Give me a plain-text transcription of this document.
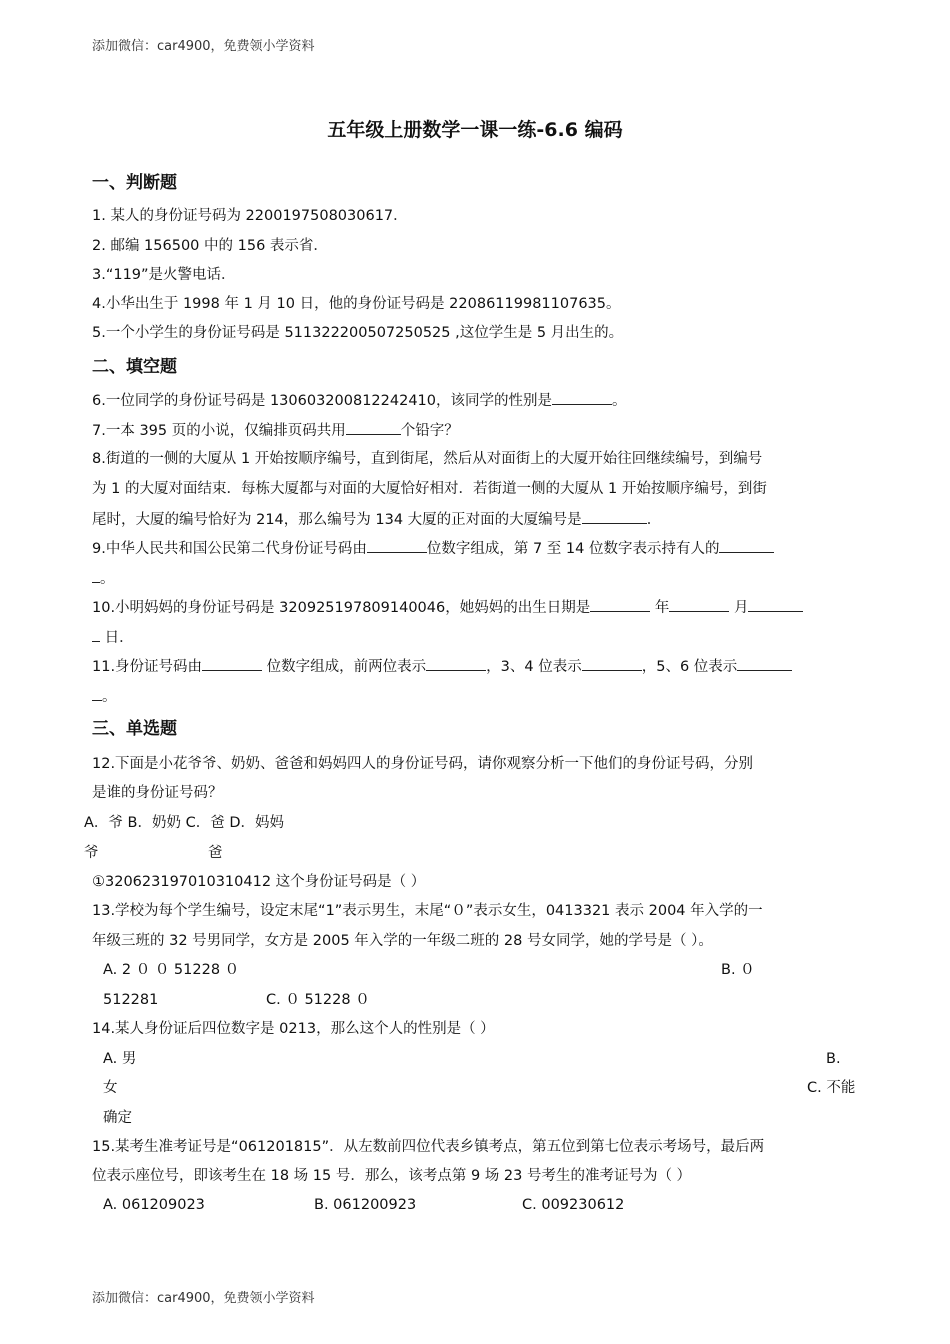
添加微信：car4900，免费领小学资料
五年级上册数学一课一练-6.6 编码
一、判断题
1. 某人的身份证号码为 2200197508030617．
2. 邮编 156500 中的 156 表示省．
3.“119”是火警电话．
4.小华出生于 1998 年 1 月 10 日，他的身份证号码是 22086119981107635。
5.一个小学生的身份证号码是 511322200507250525 ,这位学生是 5 月出生的。
二、填空题
6.一位同学的身份证号码是 130603200812242410，该同学的性别是	。
7.一本 395 页的小说，仅编排页码共用	个铅字？
8.街道的一侧的大厦从 1 开始按顺序编号，直到街尾，然后从对面街上的大厦开始往回继续编号，到编号
为 1 的大厦对面结束．每栋大厦都与对面的大厦恰好相对．若街道一侧的大厦从 1 开始按顺序编号，到街
尾时，大厦的编号恰好为 214，那么编号为 134 大厦的正对面的大厦编号是	．
9.中华人民共和国公民第二代身份证号码由	位数字组成，第 7 至 14 位数字表示持有人的
。
10.小明妈妈的身份证号码是 320925197809140046，她妈妈的出生日期是	年	月
日．
11.身份证号码由	位数字组成，前两位表示	，3、4 位表示	，5、6 位表示
。
三、单选题
12.下面是小花爷爷、奶奶、爸爸和妈妈四人的身份证号码，请你观察分析一下他们的身份证号码，分别
是谁的身份证号码？
A．爷 B．奶奶 C．爸 D．妈妈
爷	爸
①320623197010310412 这个身份证号码是（ ）
13.学校为每个学生编号，设定末尾“1”表示男生，末尾“０”表示女生，0413321 表示 2004 年入学的一
年级三班的 32 号男同学，女方是 2005 年入学的一年级二班的 28 号女同学，她的学号是（ ）。
A. 2 ０ ０ 51228 ０	B. ０
512281	C. ０ 51228 ０
14.某人身份证后四位数字是 0213，那么这个人的性别是（ ）
A. 男	B.
女	C. 不能
确定
15.某考生准考证号是“061201815”．从左数前四位代表乡镇考点，第五位到第七位表示考场号，最后两
位表示座位号，即该考生在 18 场 15 号．那么，该考点第 9 场 23 号考生的准考证号为（ ）
A. 061209023	B. 061200923	C. 009230612
添加微信：car4900，免费领小学资料
